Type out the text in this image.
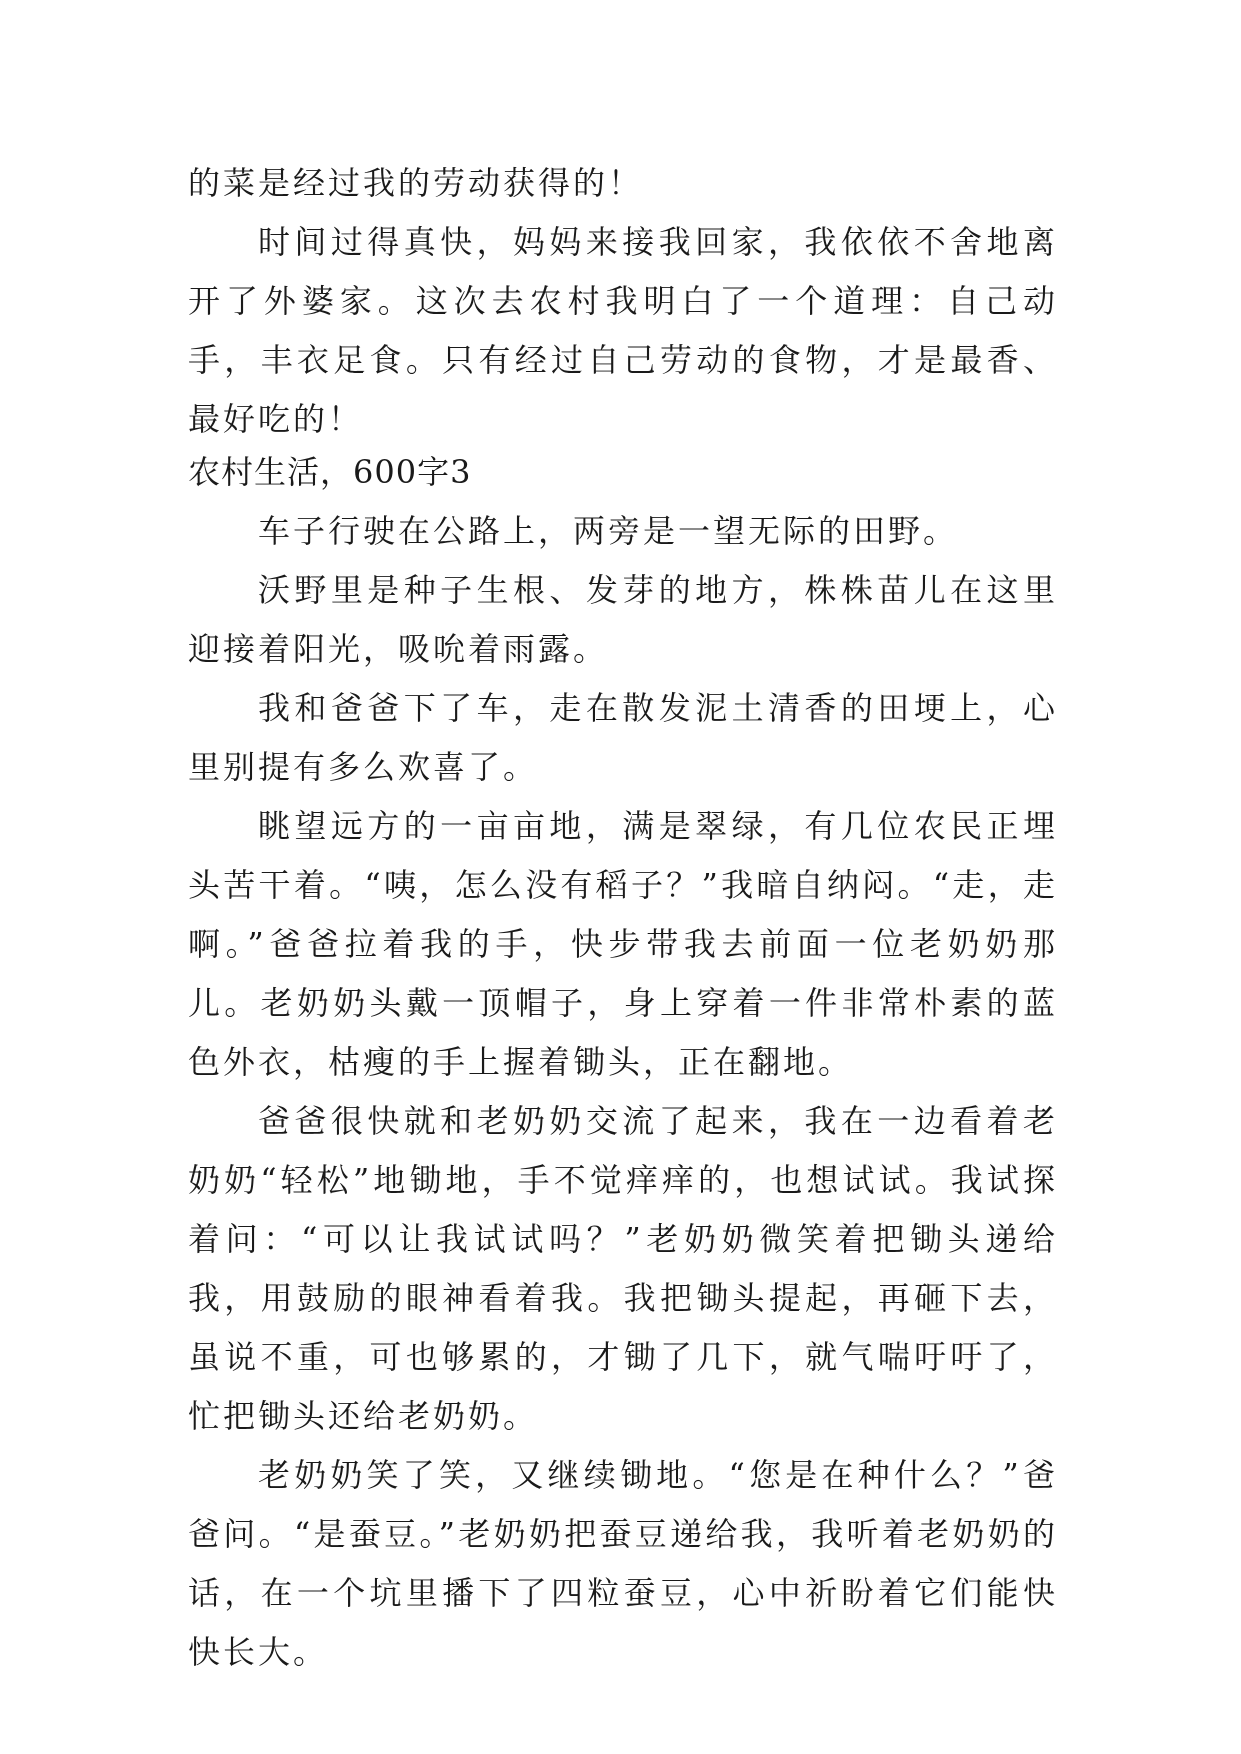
的菜是经过我的劳动获得的！

时间过得真快，妈妈来接我回家，我依依不舍地离开了外婆家。这次去农村我明白了一个道理：自己动手，丰衣足食。只有经过自己劳动的食物，才是最香、最好吃的！

农村生活，600字3

车子行驶在公路上，两旁是一望无际的田野。

沃野里是种子生根、发芽的地方，株株苗儿在这里迎接着阳光，吸吮着雨露。

我和爸爸下了车，走在散发泥土清香的田埂上，心里别提有多么欢喜了。

眺望远方的一亩亩地，满是翠绿，有几位农民正埋头苦干着。“咦，怎么没有稻子？”我暗自纳闷。“走，走啊。”爸爸拉着我的手，快步带我去前面一位老奶奶那儿。老奶奶头戴一顶帽子，身上穿着一件非常朴素的蓝色外衣，枯瘦的手上握着锄头，正在翻地。

爸爸很快就和老奶奶交流了起来，我在一边看着老奶奶“轻松”地锄地，手不觉痒痒的，也想试试。我试探着问：“可以让我试试吗？”老奶奶微笑着把锄头递给我，用鼓励的眼神看着我。我把锄头提起，再砸下去，虽说不重，可也够累的，才锄了几下，就气喘吁吁了，忙把锄头还给老奶奶。

老奶奶笑了笑，又继续锄地。“您是在种什么？”爸爸问。“是蚕豆。”老奶奶把蚕豆递给我，我听着老奶奶的话，在一个坑里播下了四粒蚕豆，心中祈盼着它们能快快长大。
